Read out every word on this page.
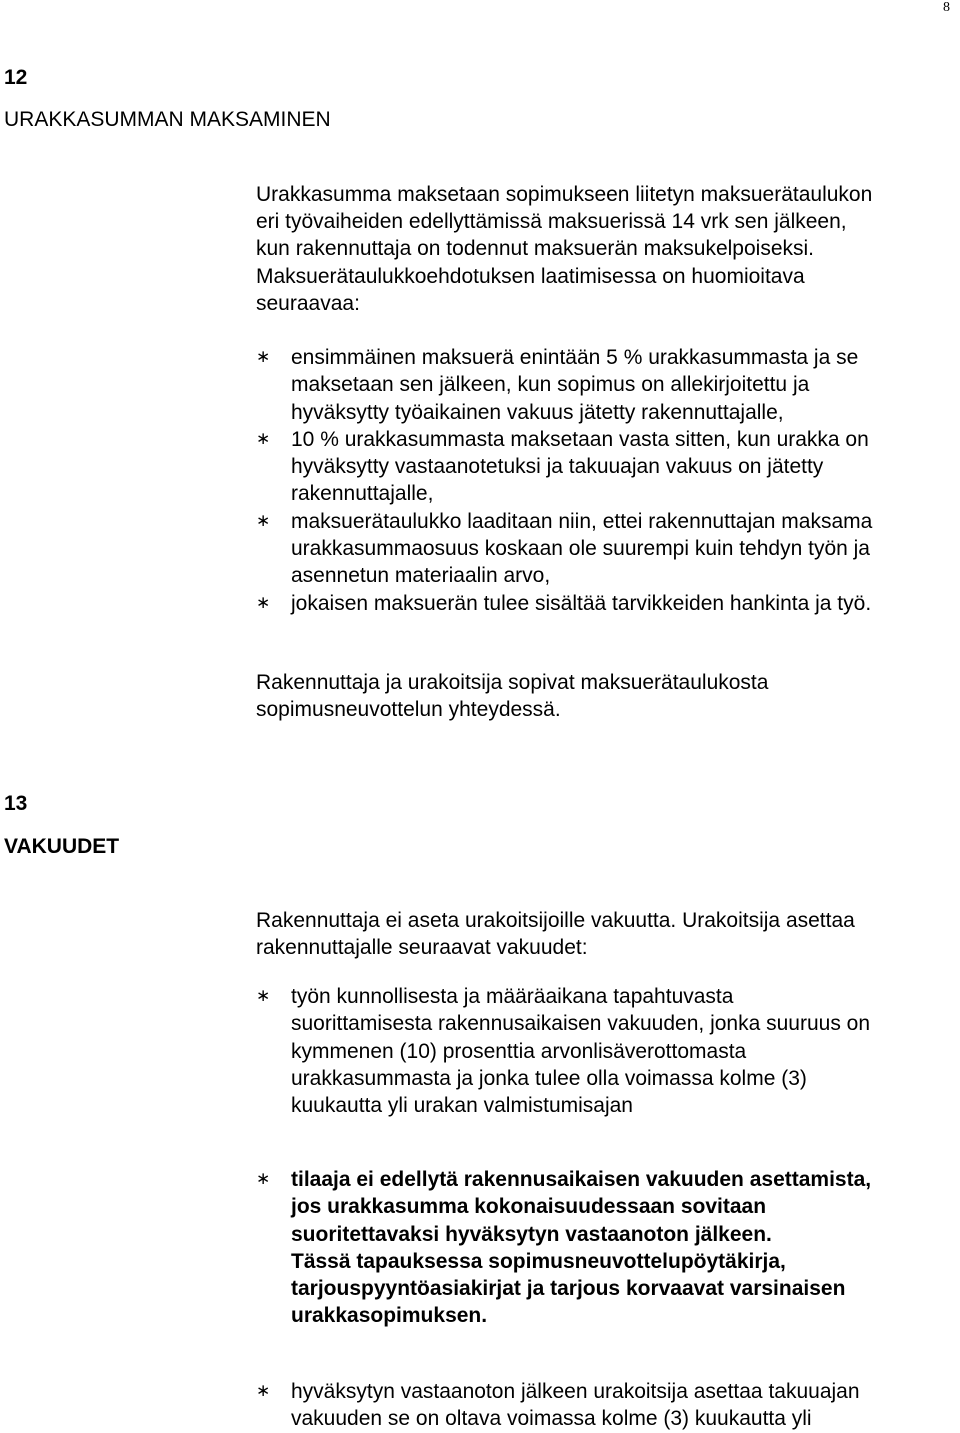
8
12
URAKKASUMMAN MAKSAMINEN
Urakkasumma maksetaan sopimukseen liitetyn maksuerätaulukon
eri työvaiheiden edellyttämissä maksuerissä 14 vrk sen jälkeen,
kun rakennuttaja on todennut maksuerän maksukelpoiseksi.
Maksuerätaulukkoehdotuksen laatimisessa on huomioitava
seuraavaa:
∗ ensimmäinen maksuerä enintään 5 % urakkasummasta ja se
maksetaan sen jälkeen, kun sopimus on allekirjoitettu ja
hyväksytty työaikainen vakuus jätetty rakennuttajalle,
∗ 10 % urakkasummasta maksetaan vasta sitten, kun urakka on
hyväksytty vastaanotetuksi ja takuuajan vakuus on jätetty
rakennuttajalle,
∗ maksuerätaulukko laaditaan niin, ettei rakennuttajan maksama
urakkasummaosuus koskaan ole suurempi kuin tehdyn työn ja
asennetun materiaalin arvo,
∗ jokaisen maksuerän tulee sisältää tarvikkeiden hankinta ja työ.
Rakennuttaja ja urakoitsija sopivat maksuerätaulukosta
sopimusneuvottelun yhteydessä.
13
VAKUUDET
Rakennuttaja ei aseta urakoitsijoille vakuutta. Urakoitsija asettaa
rakennuttajalle seuraavat vakuudet:
∗ työn kunnollisesta ja määräaikana tapahtuvasta
suorittamisesta rakennusaikaisen vakuuden, jonka suuruus on
kymmenen (10) prosenttia arvonlisäverottomasta
urakkasummasta ja jonka tulee olla voimassa kolme (3)
kuukautta yli urakan valmistumisajan
∗ tilaaja ei edellytä rakennusaikaisen vakuuden asettamista,
jos urakkasumma kokonaisuudessaan sovitaan
suoritettavaksi hyväksytyn vastaanoton jälkeen.
Tässä tapauksessa sopimusneuvottelupöytäkirja,
tarjouspyyntöasiakirjat ja tarjous korvaavat varsinaisen
urakkasopimuksen.
∗ hyväksytyn vastaanoton jälkeen urakoitsija asettaa takuuajan
vakuuden se on oltava voimassa kolme (3) kuukautta yli
